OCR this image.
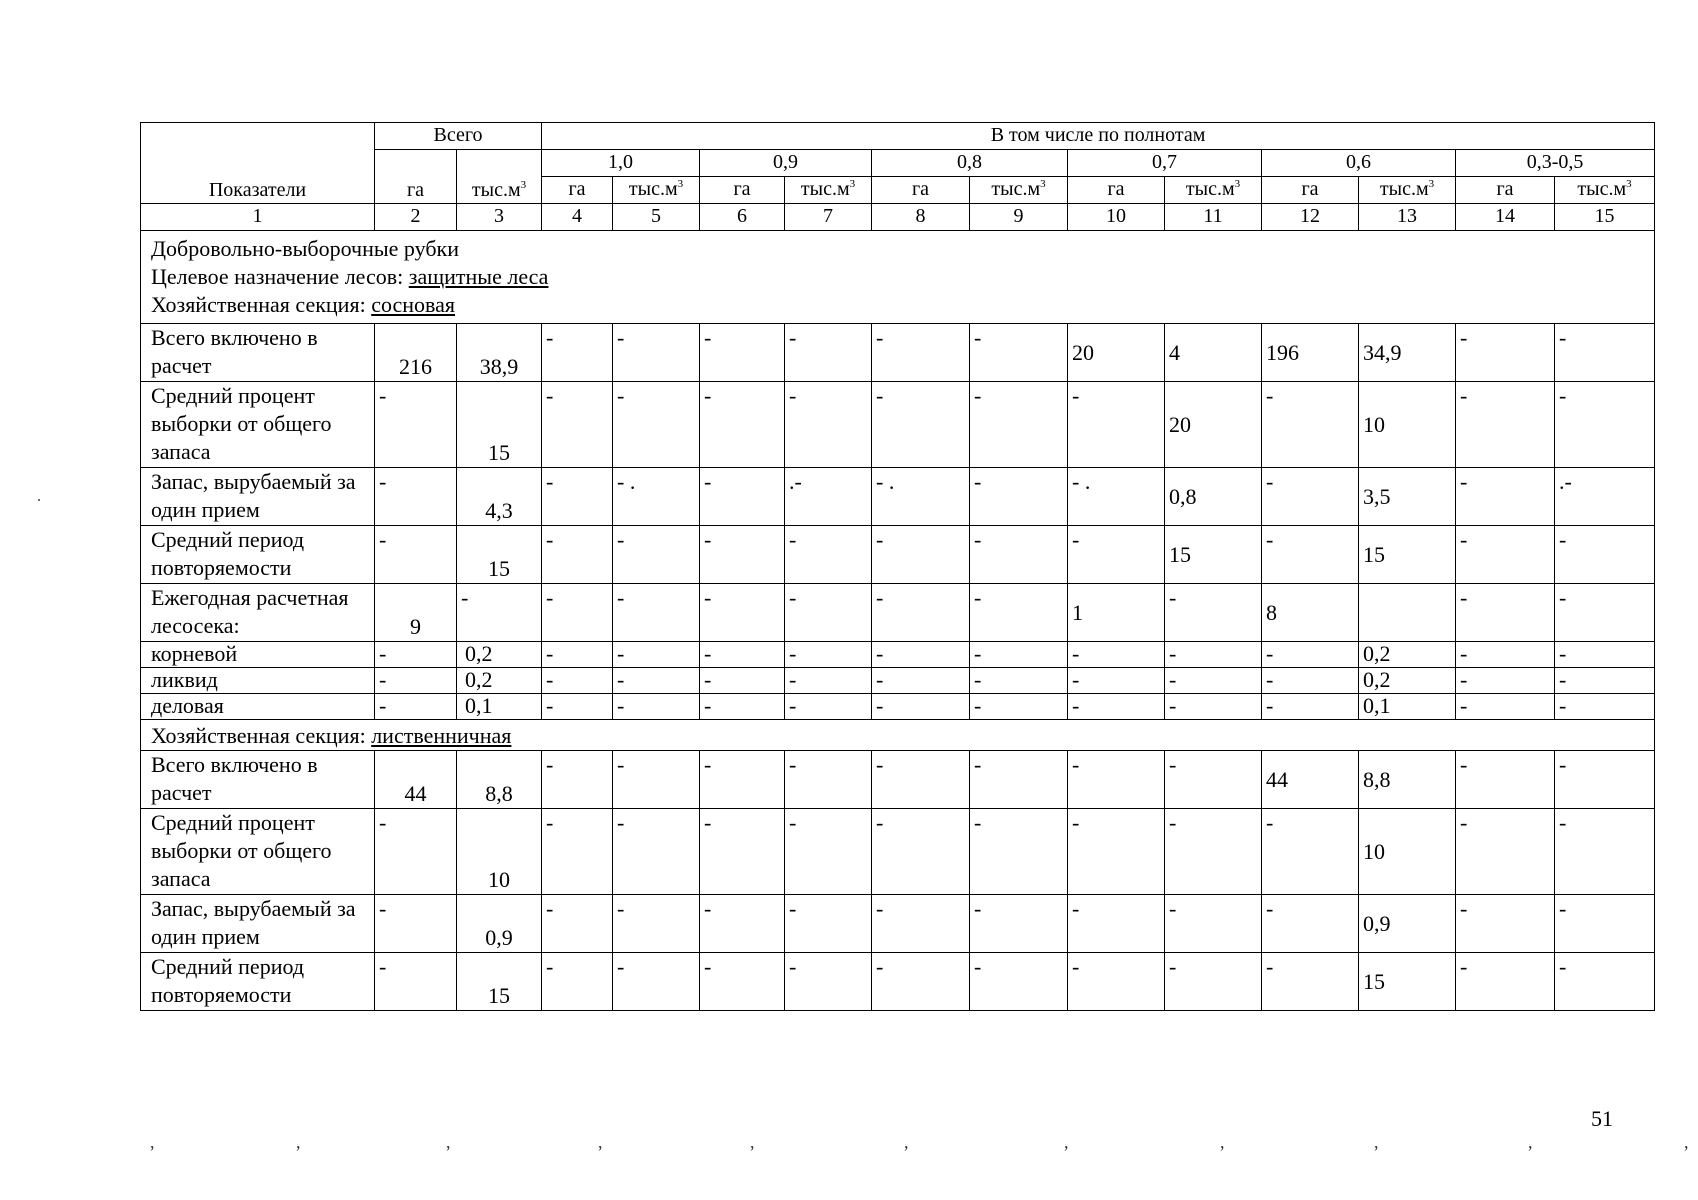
Показатели	Всего		В том числе по полнотам											
	га	$тыс.м^3$	1,0		0,9		0,8		0,7		0,6		0,3-0,5	
			га	$тыс.м^3$	га	$тыс.м^3$	га	$тыс.м^3$	га	$тыс.м^3$	га	$тыс.м^3$	га	$тыс.м^3$
1	2	3	4	5	6	7	8	9	10	11	12	13	14	15

Добровольно-выборочные рубки
Целевое назначение лесов: защитные леса
Хозяйственная секция: сосновая														

Всего включено в расчет	216	38,9	-	-	-	-	-	-	20	4	196	34,9	-	-
Средний процент выборки от общего запаса	-	15	-	-	-	-	-	-	-	20	-	10	-	-
Запас, вырубаемый за один прием	-	4,3	-	- .	-	.-	- .	-	- .	0,8	-	3,5	-	.-
Средний период повторяемости	-	15	-	-	-	-	-	-	-	15	-	15	-	-
Ежегодная расчетная лесосека:	9	-	-	-	-	-	-	-	1	-	8		-	-
корневой	-	0,2	-	-	-	-	-	-	-	-	-	0,2	-	-
ликвид	-	0,2	-	-	-	-	-	-	-	-	-	0,2	-	-
деловая	-	0,1	-	-	-	-	-	-	-	-	-	0,1	-	-
Хозяйственная секция: лиственничная														
Всего включено в расчет	44	8,8	-	-	-	-	-	-	-	-	44	8,8	-	-
Средний процент выборки от общего запаса	-	10	-	-	-	-	-	-	-	-	-	10	-	-
Запас, вырубаемый за один прием	-	0,9	-	-	-	-	-	-	-	-	-	0,9	-	-
Средний период повторяемости	-	15	-	-	-	-	-	-	-	-	-	15	-	-
51
·
,	,	,	,	,	,	,	,	,	,	,
